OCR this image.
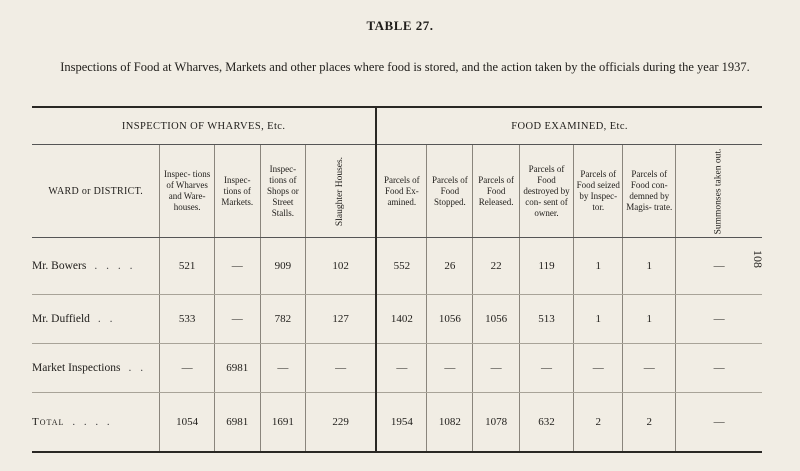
TABLE 27.
Inspections of Food at Wharves, Markets and other places where food is stored, and the action taken by the officials during the year 1937.
108
INSPECTION OF WHARVES, Etc.					FOOD EXAMINED, Etc.						
WARD or DISTRICT.	Inspec- tions of Wharves and Ware- houses.	Inspec- tions of Markets.	Inspec- tions of Shops or Street Stalls.	Slaughter Houses.	Parcels of Food Ex- amined.	Parcels of Food Stopped.	Parcels of Food Released.	Parcels of Food destroyed by con- sent of owner.	Parcels of Food seized by Inspec- tor.	Parcels of Food con- demned by Magis- trate.	Summonses taken out.
Mr. Bowers . . . .	521	—	909	102	552	26	22	119	1	1	—
Mr. Duffield . .	533	—	782	127	1402	1056	1056	513	1	1	—
Market Inspections . .	—	6981	—	—	—	—	—	—	—	—	—
Total . . . .	1054	6981	1691	229	1954	1082	1078	632	2	2	—
